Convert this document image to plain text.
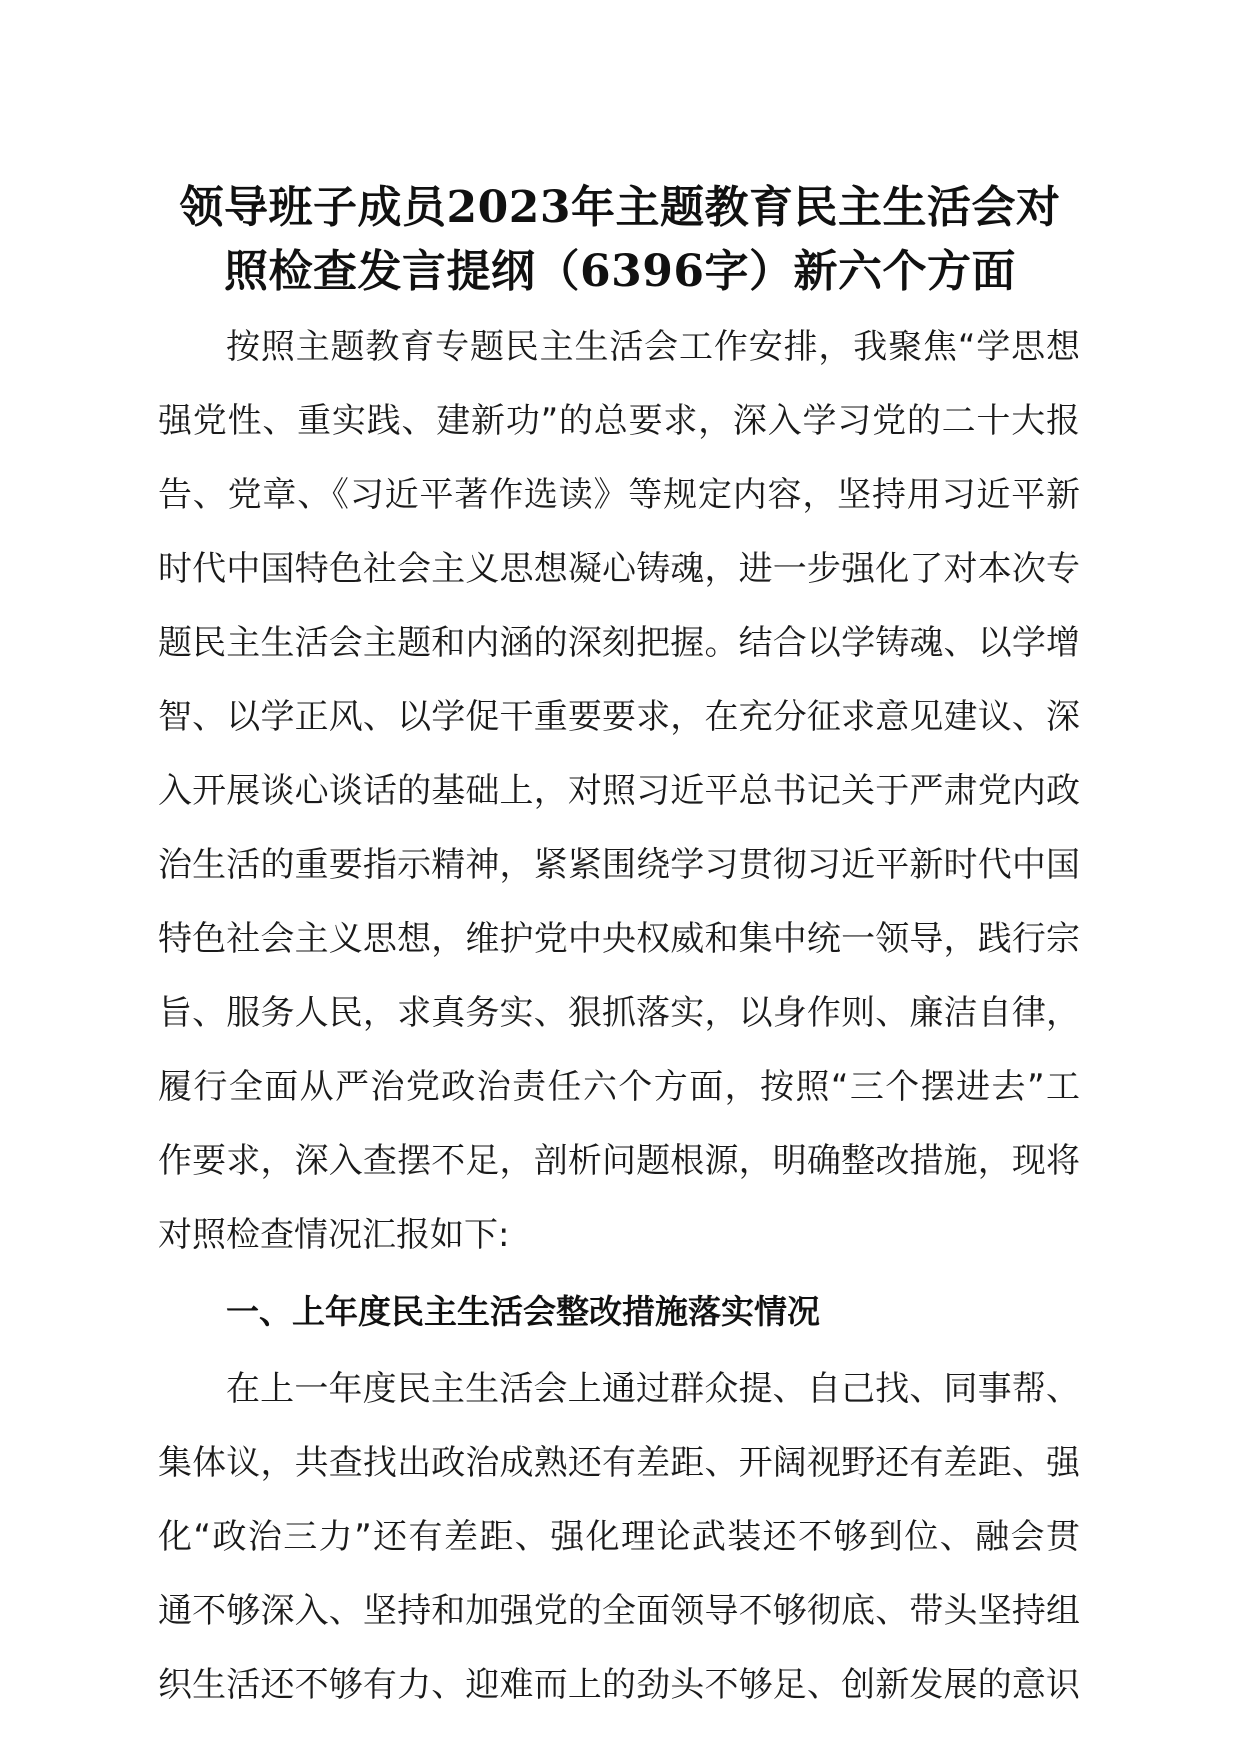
领导班子成员2023年主题教育民主生活会对
照检查发言提纲（6396字）新六个方面
按照主题教育专题民主生活会工作安排，我聚焦“学思想
强党性、重实践、建新功”的总要求，深入学习党的二十大报
告、党章、《习近平著作选读》等规定内容，坚持用习近平新
时代中国特色社会主义思想凝心铸魂，进一步强化了对本次专
题民主生活会主题和内涵的深刻把握。结合以学铸魂、以学增
智、以学正风、以学促干重要要求，在充分征求意见建议、深
入开展谈心谈话的基础上，对照习近平总书记关于严肃党内政
治生活的重要指示精神，紧紧围绕学习贯彻习近平新时代中国
特色社会主义思想，维护党中央权威和集中统一领导，践行宗
旨、服务人民，求真务实、狠抓落实，以身作则、廉洁自律，
履行全面从严治党政治责任六个方面，按照“三个摆进去”工
作要求，深入查摆不足，剖析问题根源，明确整改措施，现将
对照检查情况汇报如下:
一、上年度民主生活会整改措施落实情况
在上一年度民主生活会上通过群众提、自己找、同事帮、
集体议，共查找出政治成熟还有差距、开阔视野还有差距、强
化“政治三力”还有差距、强化理论武装还不够到位、融会贯
通不够深入、坚持和加强党的全面领导不够彻底、带头坚持组
织生活还不够有力、迎难而上的劲头不够足、创新发展的意识
